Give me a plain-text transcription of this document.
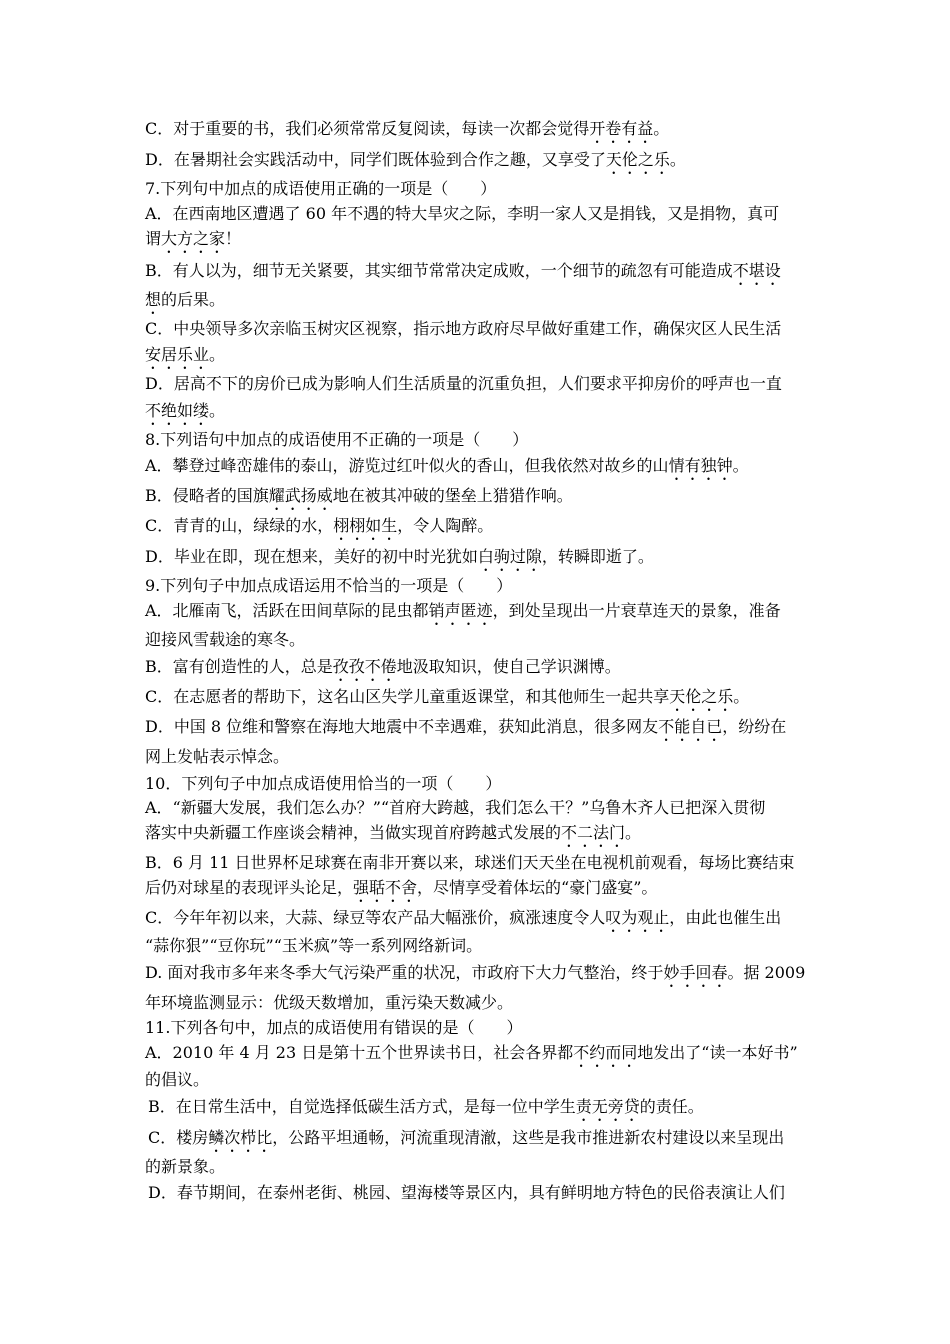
C．对于重要的书，我们必须常常反复阅读，每读一次都会觉得开卷有益。
D．在暑期社会实践活动中，同学们既体验到合作之趣，又享受了天伦之乐。
7.下列句中加点的成语使用正确的一项是（　　）
A．在西南地区遭遇了 60 年不遇的特大旱灾之际，李明一家人又是捐钱，又是捐物，真可
谓大方之家！
B．有人以为，细节无关紧要，其实细节常常决定成败，一个细节的疏忽有可能造成不堪设
想的后果。
C．中央领导多次亲临玉树灾区视察，指示地方政府尽早做好重建工作，确保灾区人民生活
安居乐业。
D．居高不下的房价已成为影响人们生活质量的沉重负担，人们要求平抑房价的呼声也一直
不绝如缕。
8.下列语句中加点的成语使用不正确的一项是（　　）
A．攀登过峰峦雄伟的泰山，游览过红叶似火的香山，但我依然对故乡的山情有独钟。
B．侵略者的国旗耀武扬威地在被其冲破的堡垒上猎猎作响。
C．青青的山，绿绿的水，栩栩如生，令人陶醉。
D．毕业在即，现在想来，美好的初中时光犹如白驹过隙，转瞬即逝了。
9.下列句子中加点成语运用不恰当的一项是（　　）
A．北雁南飞，活跃在田间草际的昆虫都销声匿迹，到处呈现出一片衰草连天的景象，准备
迎接风雪载途的寒冬。
B．富有创造性的人，总是孜孜不倦地汲取知识，使自己学识渊博。
C．在志愿者的帮助下，这名山区失学儿童重返课堂，和其他师生一起共享天伦之乐。
D．中国 8 位维和警察在海地大地震中不幸遇难，获知此消息，很多网友不能自已，纷纷在
网上发帖表示悼念。
10．下列句子中加点成语使用恰当的一项（　　）
A．“新疆大发展，我们怎么办？”“首府大跨越，我们怎么干？”乌鲁木齐人已把深入贯彻
落实中央新疆工作座谈会精神，当做实现首府跨越式发展的不二法门。
B．6 月 11 日世界杯足球赛在南非开赛以来，球迷们天天坐在电视机前观看，每场比赛结束
后仍对球星的表现评头论足，强聒不舍，尽情享受着体坛的“豪门盛宴”。
C．今年年初以来，大蒜、绿豆等农产品大幅涨价，疯涨速度令人叹为观止，由此也催生出
“蒜你狠”“豆你玩”“玉米疯”等一系列网络新词。
D. 面对我市多年来冬季大气污染严重的状况，市政府下大力气整治，终于妙手回春。据 2009
年环境监测显示：优级天数增加，重污染天数减少。
11.下列各句中，加点的成语使用有错误的是（　　）
A．2010 年 4 月 23 日是第十五个世界读书日，社会各界都不约而同地发出了“读一本好书”
的倡议。
B．在日常生活中，自觉选择低碳生活方式，是每一位中学生责无旁贷的责任。
C．楼房鳞次栉比，公路平坦通畅，河流重现清澈，这些是我市推进新农村建设以来呈现出
的新景象。
D．春节期间，在泰州老街、桃园、望海楼等景区内，具有鲜明地方特色的民俗表演让人们
